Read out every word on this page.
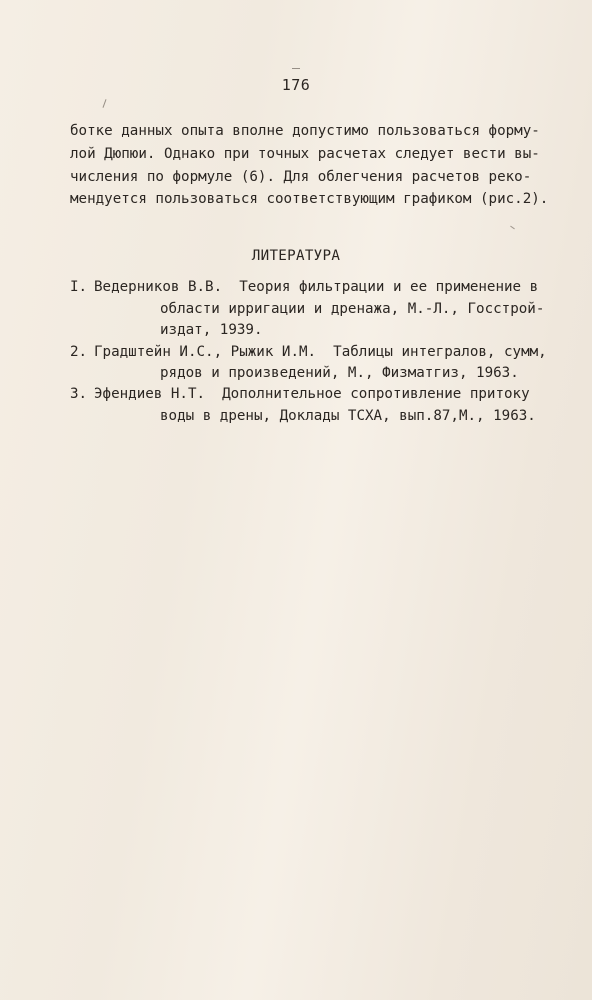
176
ботке данных опыта вполне допустимо пользоваться форму-
лой Дюпюи. Однако при точных расчетах следует вести вы-
числения по формуле (6). Для облегчения расчетов реко-
мендуется пользоваться соответствующим графиком (рис.2).
ЛИТЕРАТУРА
I. Ведерников В.В.  Теория фильтрации и ее применение в
области ирригации и дренажа, М.-Л., Госстрой-
издат, 1939.
2. Градштейн И.С., Рыжик И.М.  Таблицы интегралов, сумм,
рядов и произведений, М., Физматгиз, 1963.
3. Эфендиев Н.Т.  Дополнительное сопротивление притоку
воды в дрены, Доклады ТСХА, вып.87,М., 1963.
